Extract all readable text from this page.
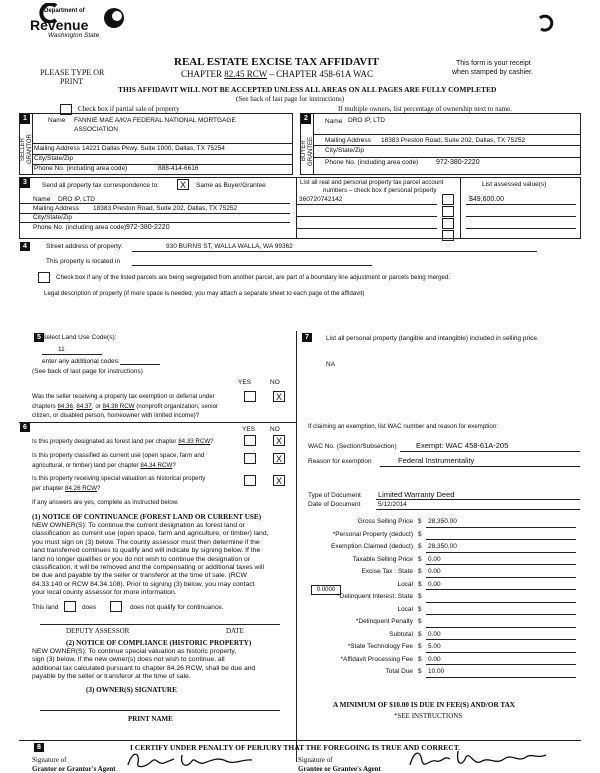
Department of
Revenue
Washington State
PLEASE TYPE OR
PRINT
REAL ESTATE EXCISE TAX AFFIDAVIT
CHAPTER 82.45 RCW – CHAPTER 458-61A WAC
This form is your receipt
when stamped by cashier.
THIS AFFIDAVIT WILL NOT BE ACCEPTED UNLESS ALL AREAS ON ALL PAGES ARE FULLY COMPLETED
(See back of last page for instructions)
Check box if partial sale of property	If multiple owners, list percentage of ownership next to name.
1
SELLER GRANTOR
Name FANNIE MAE A/K/A FEDERAL NATIONAL MORTGAGE ASSOCIATION
Mailing Address 14221 Dallas Pkwy. Suite 1000, Dallas, TX 75254
City/State/Zip
Phone No. (including area code)	888-414-6616
2
BUYER GRANTEE
Name DRO IP, LTD
Mailing Address 18383 Preston Road, Suite 202, Dallas, TX 75252
City/State/Zip
Phone No. (including area code)	972-380-2220
3	Send all property tax correspondence to:	X	Same as Buyer/Grantee
Name DRO IP, LTD
Mailing Address 18383 Preston Road, Suite 202, Dallas, TX 75252
City/State/Zip
Phone No. (including area code) 972-380-2220
List all real and personal property tax parcel account
numbers – check box if personal property
List assessed value(s)
360720742142	$49,600.00
4	Street address of property:	930 BURNS ST, WALLA WALLA, WA 99362
This property is located in
Check box if any of the listed parcels are being segregated from another parcel, are part of a boundary line adjustment or parcels being merged.
Legal description of property (if more space is needed, you may attach a separate sheet to each page of the affidavit)
5 Select Land Use Code(s):
11
enter any additional codes:
(See back of last page for instructions)
YES	NO
Was the seller receiving a property tax exemption or deferral under
chapters 84.36, 84.37, or 84.38 RCW (nonprofit organization, senior
citizen, or disabled person, homeowner with limited income)?
X
6	YES NO
Is this property designated as forest land per chapter 84.33 RCW?	X
Is this property classified as current use (open space, farm and
agricultural, or timber) land per chapter 84.34 RCW?
X
Is this property receiving special valuation as historical property
per chapter 84.26 RCW?
X
If any answers are yes, complete as instructed below.
(1) NOTICE OF CONTINUANCE (FOREST LAND OR CURRENT USE)
NEW OWNER(S): To continue the current designation as forest land or
classification as current use (open space, farm and agriculture, or timber) land,
you must sign on (3) below. The county assessor must then determine if the
land transferred continues to qualify and will indicate by signing below. If the
land no longer qualifies or you do not wish to continue the designation or
classification, it will be removed and the compensating or additional taxes will
be due and payable by the seller or transferor at the time of sale. (RCW
84.33.140 or RCW 84.34.108). Prior to signing (3) below, you may contact
your local county assessor for more information.
This land	does	does not qualify for continuance.
DEPUTY ASSESSOR	DATE
(2) NOTICE OF COMPLIANCE (HISTORIC PROPERTY)
NEW OWNER(S): To continue special valuation as historic property,
sign (3) below. If the new owner(s) does not wish to continue, all
additional tax calculated pursuant to chapter 84.26 RCW, shall be due and
payable by the seller or transferor at the time of sale.
(3) OWNER(S) SIGNATURE
PRINT NAME
7	List all personal property (tangible and intangible) included in selling price.
NA
If claiming an exemption, list WAC number and reason for exemption:
WAC No. (Section/Subsection)	Exempt: WAC 458-61A-205
Reason for exemption	Federal Instrumentality
Type of Document Limited Warranty Deed
Date of Document	5/12/2014
0.0000
Gross Selling Price $ 28,350.00
*Personal Property (deduct) $
Exemption Claimed (deduct) $ 28,350.00
Taxable Selling Price $ 0.00
Excise Tax : State $ 0.00
Local $ 0.00
*Delinquent Interest: State $
Local $
*Delinquent Penalty $
Subtotal $ 0.00
*State Technology Fee $ 5.00
*Affidavit Processing Fee $ 0.00
Total Due $ 10.00
A MINIMUM OF $10.00 IS DUE IN FEE(S) AND/OR TAX
*SEE INSTRUCTIONS
8	I CERTIFY UNDER PENALTY OF PERJURY THAT THE FOREGOING IS TRUE AND CORRECT.
Signature of
Grantor or Grantor's Agent
Signature of
Grantee or Grantee's Agent
